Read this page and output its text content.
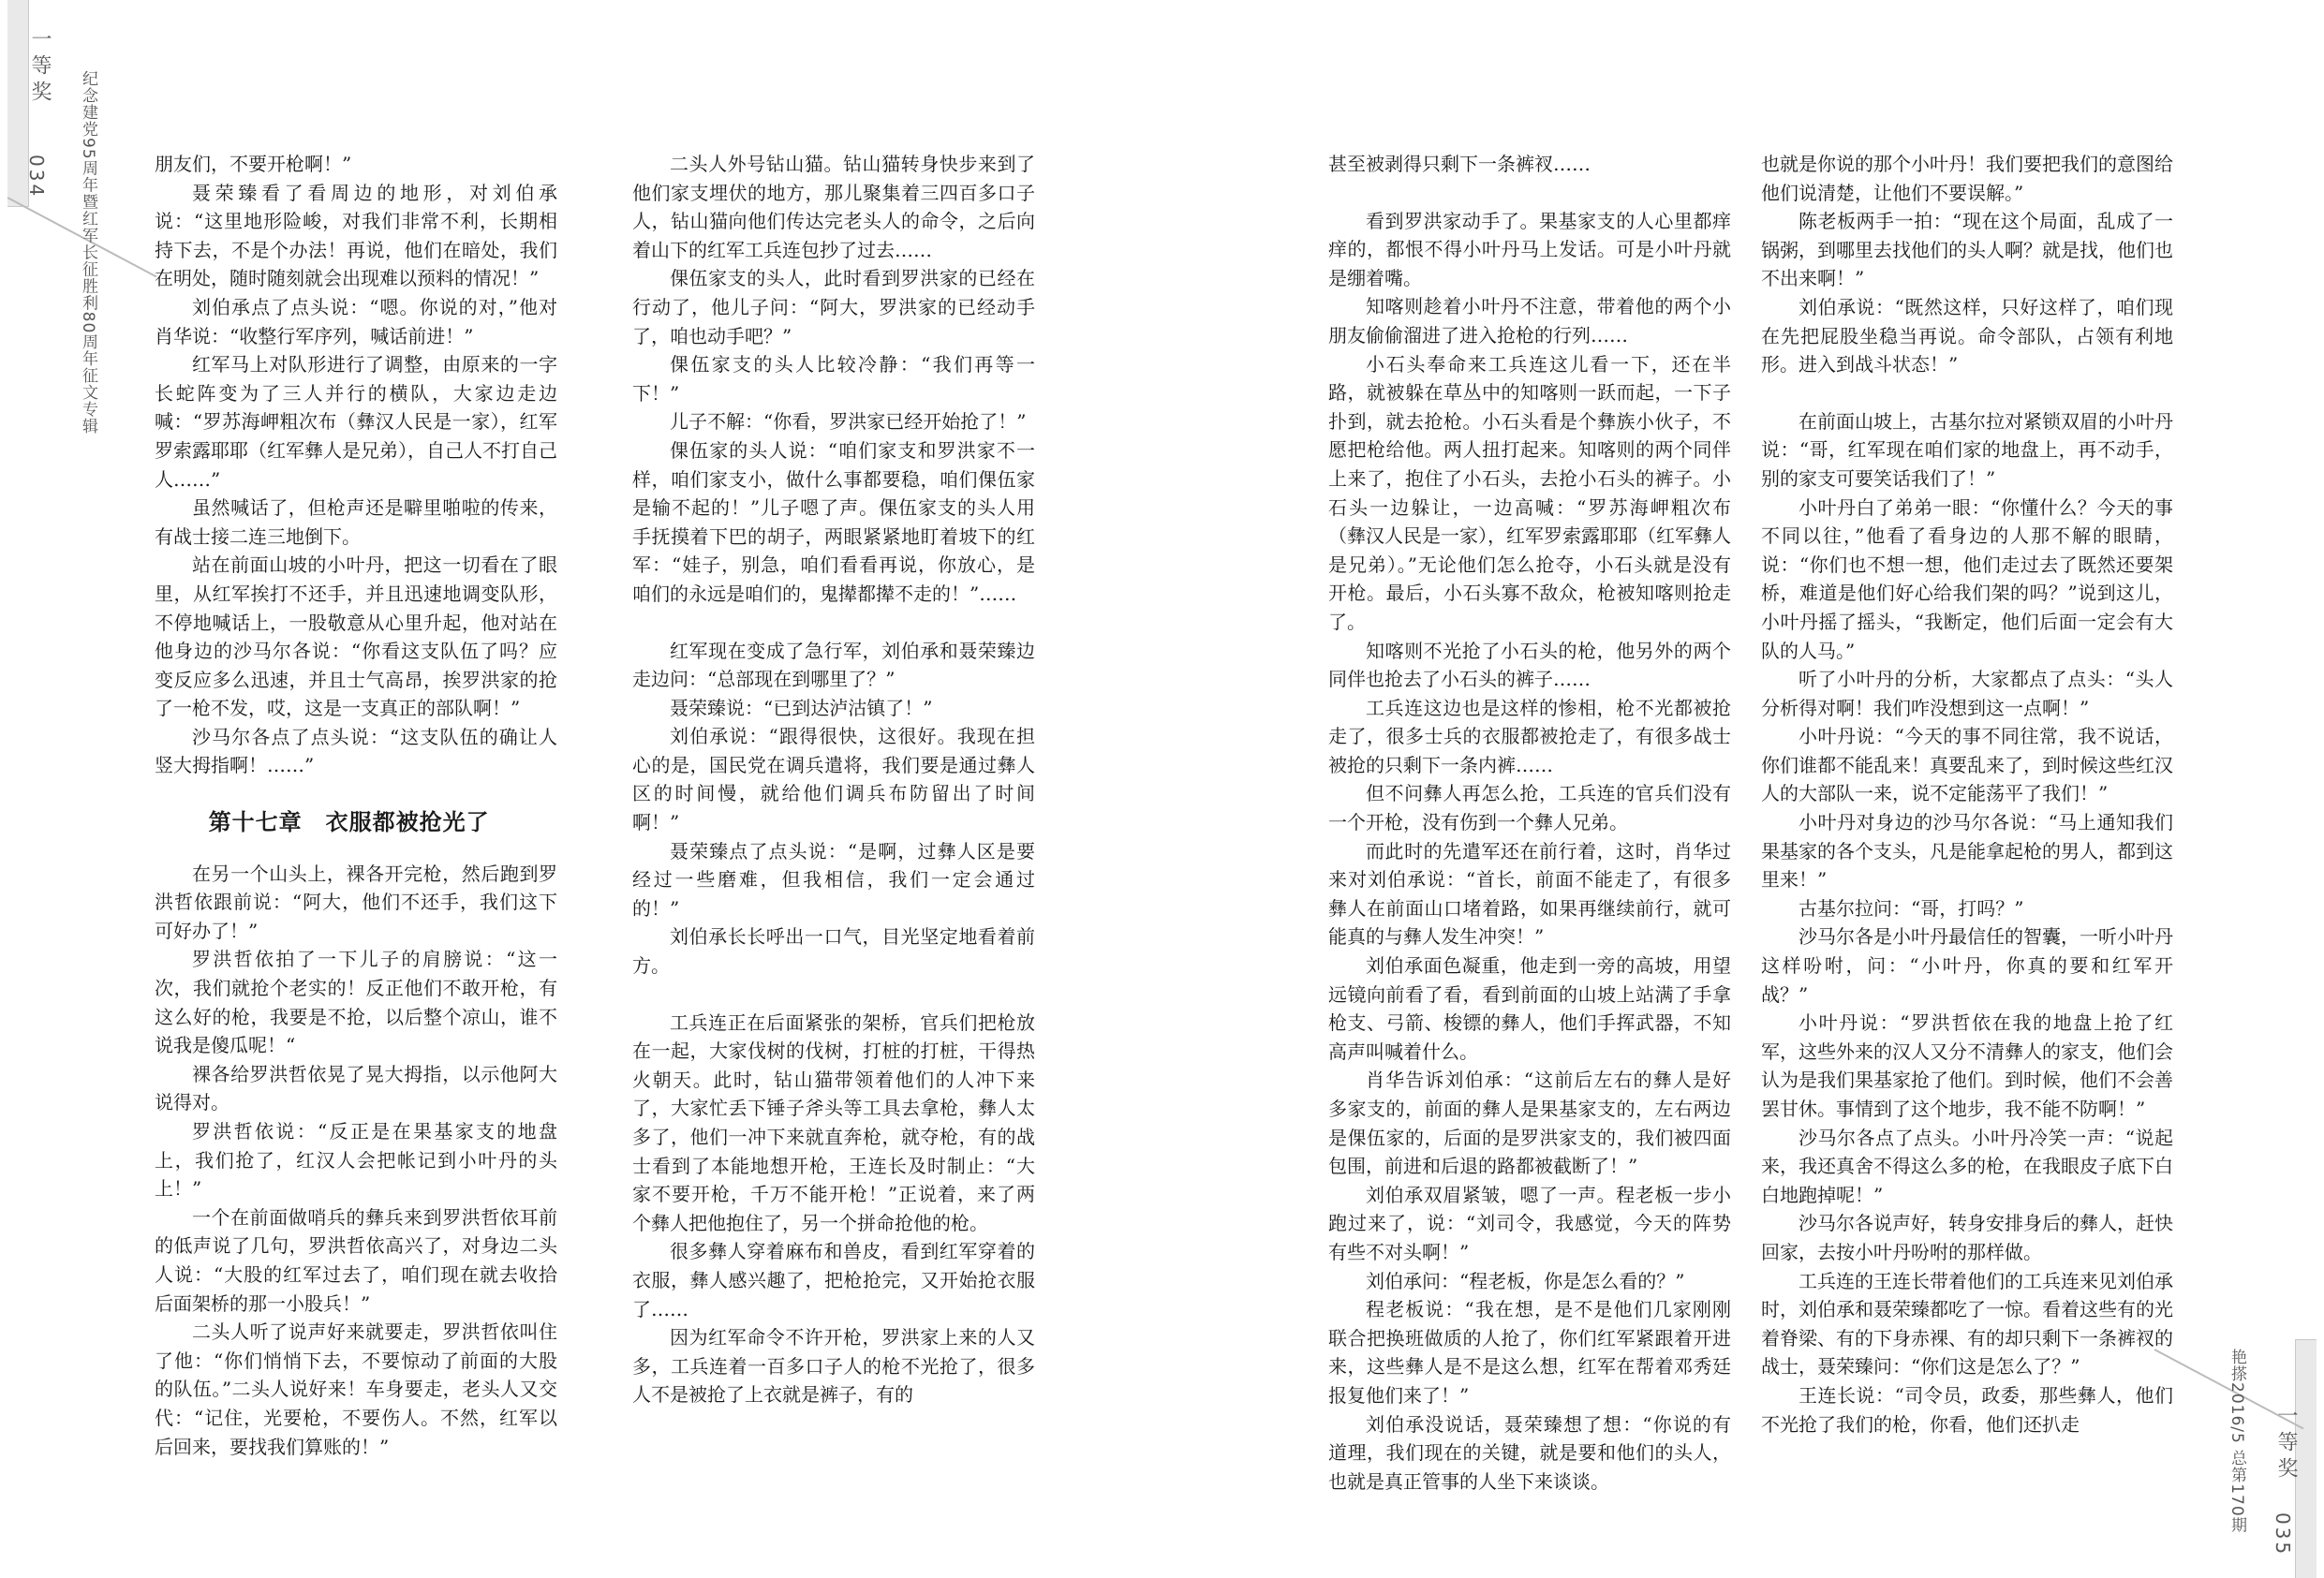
一等奖
034 纪念建党95周年暨红军长征胜利80周年征文专辑
艳搽2016/5 总第170期 一等奖
035

朋友们，不要开枪啊！”

聂荣臻看了看周边的地形，对刘伯承说：“这里地形险峻，对我们非常不利，长期相持下去，不是个办法！再说，他们在暗处，我们在明处，随时随刻就会出现难以预料的情况！”

刘伯承点了点头说：“嗯。你说的对，”他对肖华说：“收整行军序列，喊话前进！”

红军马上对队形进行了调整，由原来的一字长蛇阵变为了三人并行的横队，大家边走边喊：“罗苏海岬粗次布（彝汉人民是一家），红军罗索露耶耶（红军彝人是兄弟），自己人不打自己人……”

虽然喊话了，但枪声还是噼里啪啦的传来，有战士接二连三地倒下。

站在前面山坡的小叶丹，把这一切看在了眼里，从红军挨打不还手，并且迅速地调变队形，不停地喊话上，一股敬意从心里升起，他对站在他身边的沙马尔各说：“你看这支队伍了吗？应变反应多么迅速，并且士气高昂，挨罗洪家的抢了一枪不发，哎，这是一支真正的部队啊！”

沙马尔各点了点头说：“这支队伍的确让人竖大拇指啊！……”

第十七章　衣服都被抢光了

在另一个山头上，裸各开完枪，然后跑到罗洪哲依跟前说：“阿大，他们不还手，我们这下可好办了！”

罗洪哲依拍了一下儿子的肩膀说：“这一次，我们就抢个老实的！反正他们不敢开枪，有这么好的枪，我要是不抢，以后整个凉山，谁不说我是傻瓜呢！“

裸各给罗洪哲依晃了晃大拇指，以示他阿大说得对。

罗洪哲依说：“反正是在果基家支的地盘上，我们抢了，红汉人会把帐记到小叶丹的头上！”

一个在前面做哨兵的彝兵来到罗洪哲依耳前的低声说了几句，罗洪哲依高兴了，对身边二头人说：“大股的红军过去了，咱们现在就去收拾后面架桥的那一小股兵！”

二头人听了说声好来就要走，罗洪哲依叫住了他：“你们悄悄下去，不要惊动了前面的大股的队伍。”二头人说好来！车身要走，老头人又交代：“记住，光要枪，不要伤人。不然，红军以后回来，要找我们算账的！”

二头人外号钻山猫。钻山猫转身快步来到了他们家支埋伏的地方，那儿聚集着三四百多口子人，钻山猫向他们传达完老头人的命令，之后向着山下的红军工兵连包抄了过去……

倮伍家支的头人，此时看到罗洪家的已经在行动了，他儿子问：“阿大，罗洪家的已经动手了，咱也动手吧？”

倮伍家支的头人比较冷静：“我们再等一下！”

儿子不解：“你看，罗洪家已经开始抢了！”

倮伍家的头人说：“咱们家支和罗洪家不一样，咱们家支小，做什么事都要稳，咱们倮伍家是输不起的！”儿子嗯了声。倮伍家支的头人用手抚摸着下巴的胡子，两眼紧紧地盯着坡下的红军：“娃子，别急，咱们看看再说，你放心，是咱们的永远是咱们的，鬼撵都撵不走的！”……

红军现在变成了急行军，刘伯承和聂荣臻边走边问：“总部现在到哪里了？”

聂荣臻说：“已到达泸沽镇了！”

刘伯承说：“跟得很快，这很好。我现在担心的是，国民党在调兵遣将，我们要是通过彝人区的时间慢，就给他们调兵布防留出了时间啊！”

聂荣臻点了点头说：“是啊，过彝人区是要经过一些磨难，但我相信，我们一定会通过的！”

刘伯承长长呼出一口气，目光坚定地看着前方。

工兵连正在后面紧张的架桥，官兵们把枪放在一起，大家伐树的伐树，打桩的打桩，干得热火朝天。此时，钻山猫带领着他们的人冲下来了，大家忙丢下锤子斧头等工具去拿枪，彝人太多了，他们一冲下来就直奔枪，就夺枪，有的战士看到了本能地想开枪，王连长及时制止：“大家不要开枪，千万不能开枪！”正说着，来了两个彝人把他抱住了，另一个拼命抢他的枪。

很多彝人穿着麻布和兽皮，看到红军穿着的衣服，彝人感兴趣了，把枪抢完，又开始抢衣服了……

因为红军命令不许开枪，罗洪家上来的人又多，工兵连着一百多口子人的枪不光抢了，很多人不是被抢了上衣就是裤子，有的

甚至被剥得只剩下一条裤衩……

看到罗洪家动手了。果基家支的人心里都痒痒的，都恨不得小叶丹马上发话。可是小叶丹就是绷着嘴。

知喀则趁着小叶丹不注意，带着他的两个小朋友偷偷溜进了进入抢枪的行列……

小石头奉命来工兵连这儿看一下，还在半路，就被躲在草丛中的知喀则一跃而起，一下子扑到，就去抢枪。小石头看是个彝族小伙子，不愿把枪给他。两人扭打起来。知喀则的两个同伴上来了，抱住了小石头，去抢小石头的裤子。小石头一边躲让，一边高喊：“罗苏海岬粗次布（彝汉人民是一家），红军罗索露耶耶（红军彝人是兄弟）。”无论他们怎么抢夺，小石头就是没有开枪。最后，小石头寡不敌众，枪被知喀则抢走了。

知喀则不光抢了小石头的枪，他另外的两个同伴也抢去了小石头的裤子……

工兵连这边也是这样的惨相，枪不光都被抢走了，很多士兵的衣服都被抢走了，有很多战士被抢的只剩下一条内裤……

但不问彝人再怎么抢，工兵连的官兵们没有一个开枪，没有伤到一个彝人兄弟。

而此时的先遣军还在前行着，这时，肖华过来对刘伯承说：“首长，前面不能走了，有很多彝人在前面山口堵着路，如果再继续前行，就可能真的与彝人发生冲突！”

刘伯承面色凝重，他走到一旁的高坡，用望远镜向前看了看，看到前面的山坡上站满了手拿枪支、弓箭、梭镖的彝人，他们手挥武器，不知高声叫喊着什么。

肖华告诉刘伯承：“这前后左右的彝人是好多家支的，前面的彝人是果基家支的，左右两边是倮伍家的，后面的是罗洪家支的，我们被四面包围，前进和后退的路都被截断了！”

刘伯承双眉紧皱，嗯了一声。程老板一步小跑过来了，说：“刘司令，我感觉，今天的阵势有些不对头啊！”

刘伯承问：“程老板，你是怎么看的？”

程老板说：“我在想，是不是他们几家刚刚联合把换班做质的人抢了，你们红军紧跟着开进来，这些彝人是不是这么想，红军在帮着邓秀廷报复他们来了！”

刘伯承没说话，聂荣臻想了想：“你说的有道理，我们现在的关键，就是要和他们的头人，也就是真正管事的人坐下来谈谈。

也就是你说的那个小叶丹！我们要把我们的意图给他们说清楚，让他们不要误解。”

陈老板两手一拍：“现在这个局面，乱成了一锅粥，到哪里去找他们的头人啊？就是找，他们也不出来啊！”

刘伯承说：“既然这样，只好这样了，咱们现在先把屁股坐稳当再说。命令部队，占领有利地形。进入到战斗状态！”

在前面山坡上，古基尔拉对紧锁双眉的小叶丹说：“哥，红军现在咱们家的地盘上，再不动手，别的家支可要笑话我们了！”

小叶丹白了弟弟一眼：“你懂什么？今天的事不同以往，”他看了看身边的人那不解的眼睛，说：“你们也不想一想，他们走过去了既然还要架桥，难道是他们好心给我们架的吗？”说到这儿，小叶丹摇了摇头，“我断定，他们后面一定会有大队的人马。”

听了小叶丹的分析，大家都点了点头：“头人分析得对啊！我们咋没想到这一点啊！”

小叶丹说：“今天的事不同往常，我不说话，你们谁都不能乱来！真要乱来了，到时候这些红汉人的大部队一来，说不定能荡平了我们！”

小叶丹对身边的沙马尔各说：“马上通知我们果基家的各个支头，凡是能拿起枪的男人，都到这里来！”

古基尔拉问：“哥，打吗？”

沙马尔各是小叶丹最信任的智囊，一听小叶丹这样吩咐，问：“小叶丹，你真的要和红军开战？”

小叶丹说：“罗洪哲依在我的地盘上抢了红军，这些外来的汉人又分不清彝人的家支，他们会认为是我们果基家抢了他们。到时候，他们不会善罢甘休。事情到了这个地步，我不能不防啊！”

沙马尔各点了点头。小叶丹冷笑一声：“说起来，我还真舍不得这么多的枪，在我眼皮子底下白白地跑掉呢！”

沙马尔各说声好，转身安排身后的彝人，赶快回家，去按小叶丹吩咐的那样做。

工兵连的王连长带着他们的工兵连来见刘伯承时，刘伯承和聂荣臻都吃了一惊。看着这些有的光着脊梁、有的下身赤裸、有的却只剩下一条裤衩的战士，聂荣臻问：“你们这是怎么了？”

王连长说：“司令员，政委，那些彝人，他们不光抢了我们的枪，你看，他们还扒走
